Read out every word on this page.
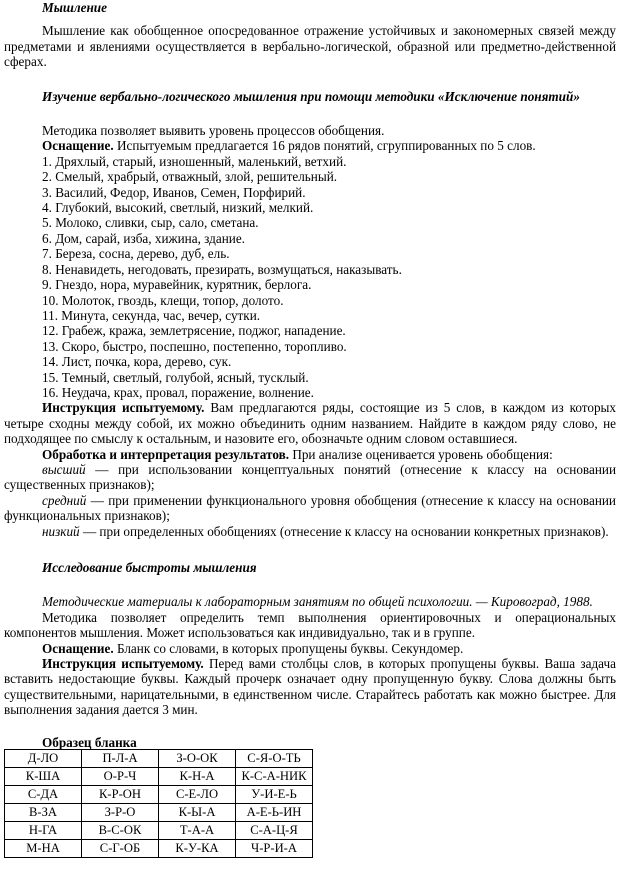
Мышление

Мышление как обобщенное опосредованное отражение устойчивых и закономерных связей между предметами и явлениями осуществляется в вербально-логической, образной или предметно-действенной сферах.

Изучение вербально-логического мышления при помощи методики «Исключение понятий»

Методика позволяет выявить уровень процессов обобщения.

Оснащение. Испытуемым предлагается 16 рядов понятий, сгруппированных по 5 слов.

1. Дряхлый, старый, изношенный, маленький, ветхий.

2. Смелый, храбрый, отважный, злой, решительный.

3. Василий, Федор, Иванов, Семен, Порфирий.

4. Глубокий, высокий, светлый, низкий, мелкий.

5. Молоко, сливки, сыр, сало, сметана.

6. Дом, сарай, изба, хижина, здание.

7. Береза, сосна, дерево, дуб, ель.

8. Ненавидеть, негодовать, презирать, возмущаться, наказывать.

9. Гнездо, нора, муравейник, курятник, берлога.

10. Молоток, гвоздь, клещи, топор, долото.

11. Минута, секунда, час, вечер, сутки.

12. Грабеж, кража, землетрясение, поджог, нападение.

13. Скоро, быстро, поспешно, постепенно, торопливо.

14. Лист, почка, кора, дерево, сук.

15. Темный, светлый, голубой, ясный, тусклый.

16. Неудача, крах, провал, поражение, волнение.

Инструкция испытуемому. Вам предлагаются ряды, состоящие из 5 слов, в каждом из которых четыре сходны между собой, их можно объединить одним названием. Найдите в каждом ряду слово, не подходящее по смыслу к остальным, и назовите его, обозначьте одним словом оставшиеся.

Обработка и интерпретация результатов. При анализе оценивается уровень обобщения:

высший — при использовании концептуальных понятий (отнесение к классу на основании существенных признаков);

средний — при применении функционального уровня обобщения (отнесение к классу на основании функциональных признаков);

низкий — при определенных обобщениях (отнесение к классу на основании конкретных признаков).

Исследование быстроты мышления

Методические материалы к лабораторным занятиям по общей психологии. — Кировоград, 1988.

Методика позволяет определить темп выполнения ориентировочных и операциональных компонентов мышления. Может использоваться как индивидуально, так и в группе.

Оснащение. Бланк со словами, в которых пропущены буквы. Секундомер.

Инструкция испытуемому. Перед вами столбцы слов, в которых пропущены буквы. Ваша задача вставить недостающие буквы. Каждый прочерк означает одну пропущенную букву. Слова должны быть существительными, нарицательными, в единственном числе. Старайтесь работать как можно быстрее. Для выполнения задания дается 3 мин.

Образец бланка

Д-ЛО	П-Л-А	З-О-ОК	С-Я-О-ТЬ
К-ША	О-Р-Ч	К-Н-А	К-С-А-НИК
С-ДА	К-Р-ОН	С-Е-ЛО	У-И-Е-Ь
В-ЗА	З-Р-О	К-Ы-А	А-Е-Ь-ИН
Н-ГА	В-С-ОК	Т-А-А	С-А-Ц-Я
М-НА	С-Г-ОБ	К-У-КА	Ч-Р-И-А
